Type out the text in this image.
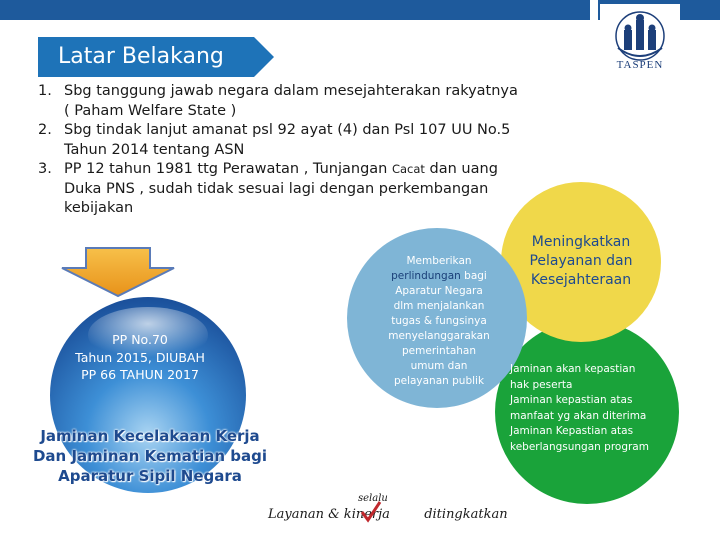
TASPEN
Latar Belakang
1. Sbg tanggung jawab negara dalam mesejahterakan rakyatnya
( Paham Welfare State )
2. Sbg tindak lanjut amanat psl 92 ayat (4) dan Psl 107 UU No.5
Tahun 2014 tentang ASN
3. PP 12 tahun 1981 ttg Perawatan , Tunjangan Cacat dan uang
Duka PNS , sudah tidak sesuai lagi dengan perkembangan
kebijakan
PP No.70
Tahun 2015, DIUBAH
PP 66 TAHUN 2017
Jaminan Kecelakaan Kerja
Dan Jaminan Kematian bagi
Aparatur Sipil Negara
Memberikan
perlindungan bagi
Aparatur Negara
dlm menjalankan
tugas & fungsinya
menyelanggarakan
pemerintahan
umum dan
pelayanan publik
Meningkatkan
Pelayanan dan
Kesejahteraan
Jaminan akan kepastian
hak peserta
Jaminan kepastian atas
manfaat yg akan diterima
Jaminan Kepastian atas
keberlangsungan program
Layanan & kinerja
selalu
ditingkatkan
